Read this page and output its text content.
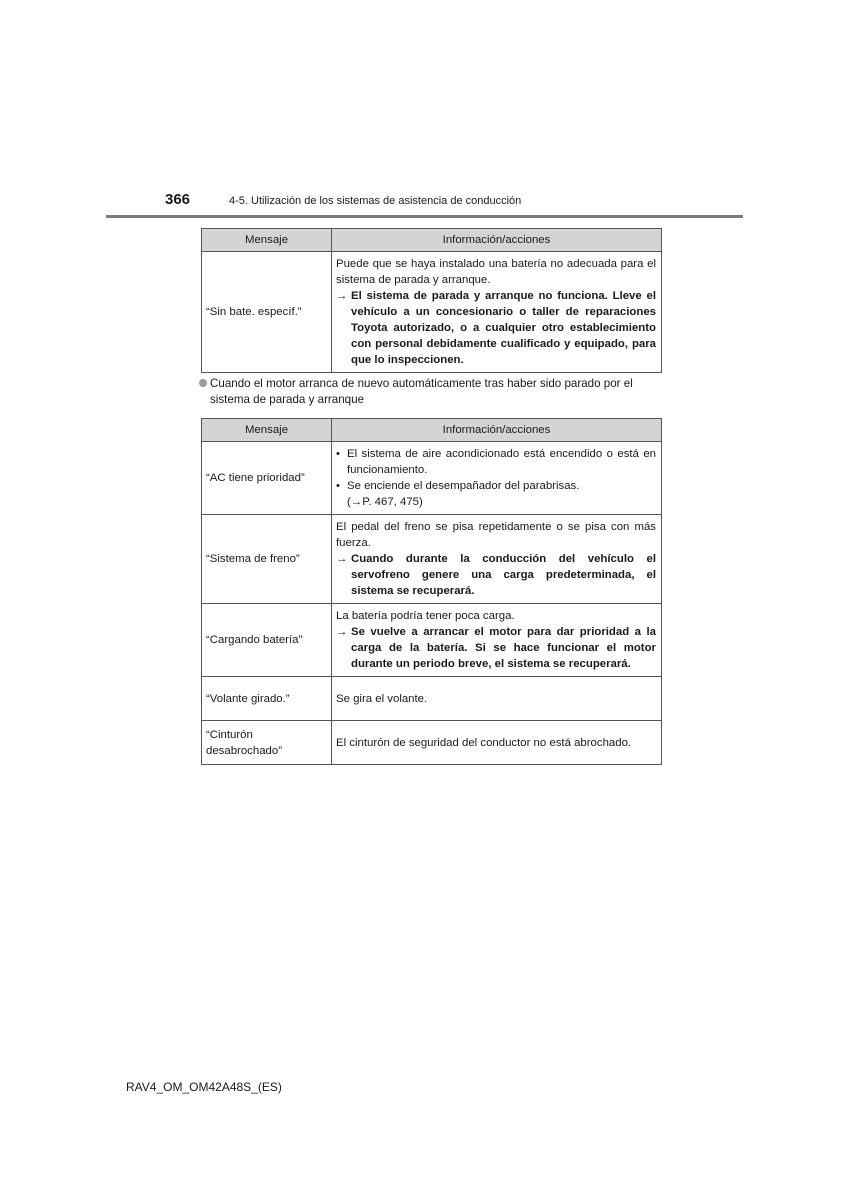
366	4-5. Utilización de los sistemas de asistencia de conducción
Mensaje	Información/acciones
“Sin bate. específ.”	Puede que se haya instalado una batería no adecuada para el sistema de parada y arranque.
→ El sistema de parada y arranque no funciona. Lleve el vehículo a un concesionario o taller de reparaciones Toyota autorizado, o a cualquier otro establecimiento con personal debidamente cualificado y equipado, para que lo inspeccionen.
Cuando el motor arranca de nuevo automáticamente tras haber sido parado por el
sistema de parada y arranque
Mensaje	Información/acciones
“AC tiene prioridad”	• El sistema de aire acondicionado está encendido o está en funcionamiento.
• Se enciende el desempañador del parabrisas.
(→P. 467, 475)

“Sistema de freno”	El pedal del freno se pisa repetidamente o se pisa con más fuerza.
→ Cuando durante la conducción del vehículo el servofreno genere una carga predeterminada, el sistema se recuperará.

“Cargando batería”	La batería podría tener poca carga.
→ Se vuelve a arrancar el motor para dar prioridad a la carga de la batería. Si se hace funcionar el motor durante un periodo breve, el sistema se recuperará.

“Volante girado.”	Se gira el volante.
“Cinturón desabrochado”	El cinturón de seguridad del conductor no está abrochado.
RAV4_OM_OM42A48S_(ES)
